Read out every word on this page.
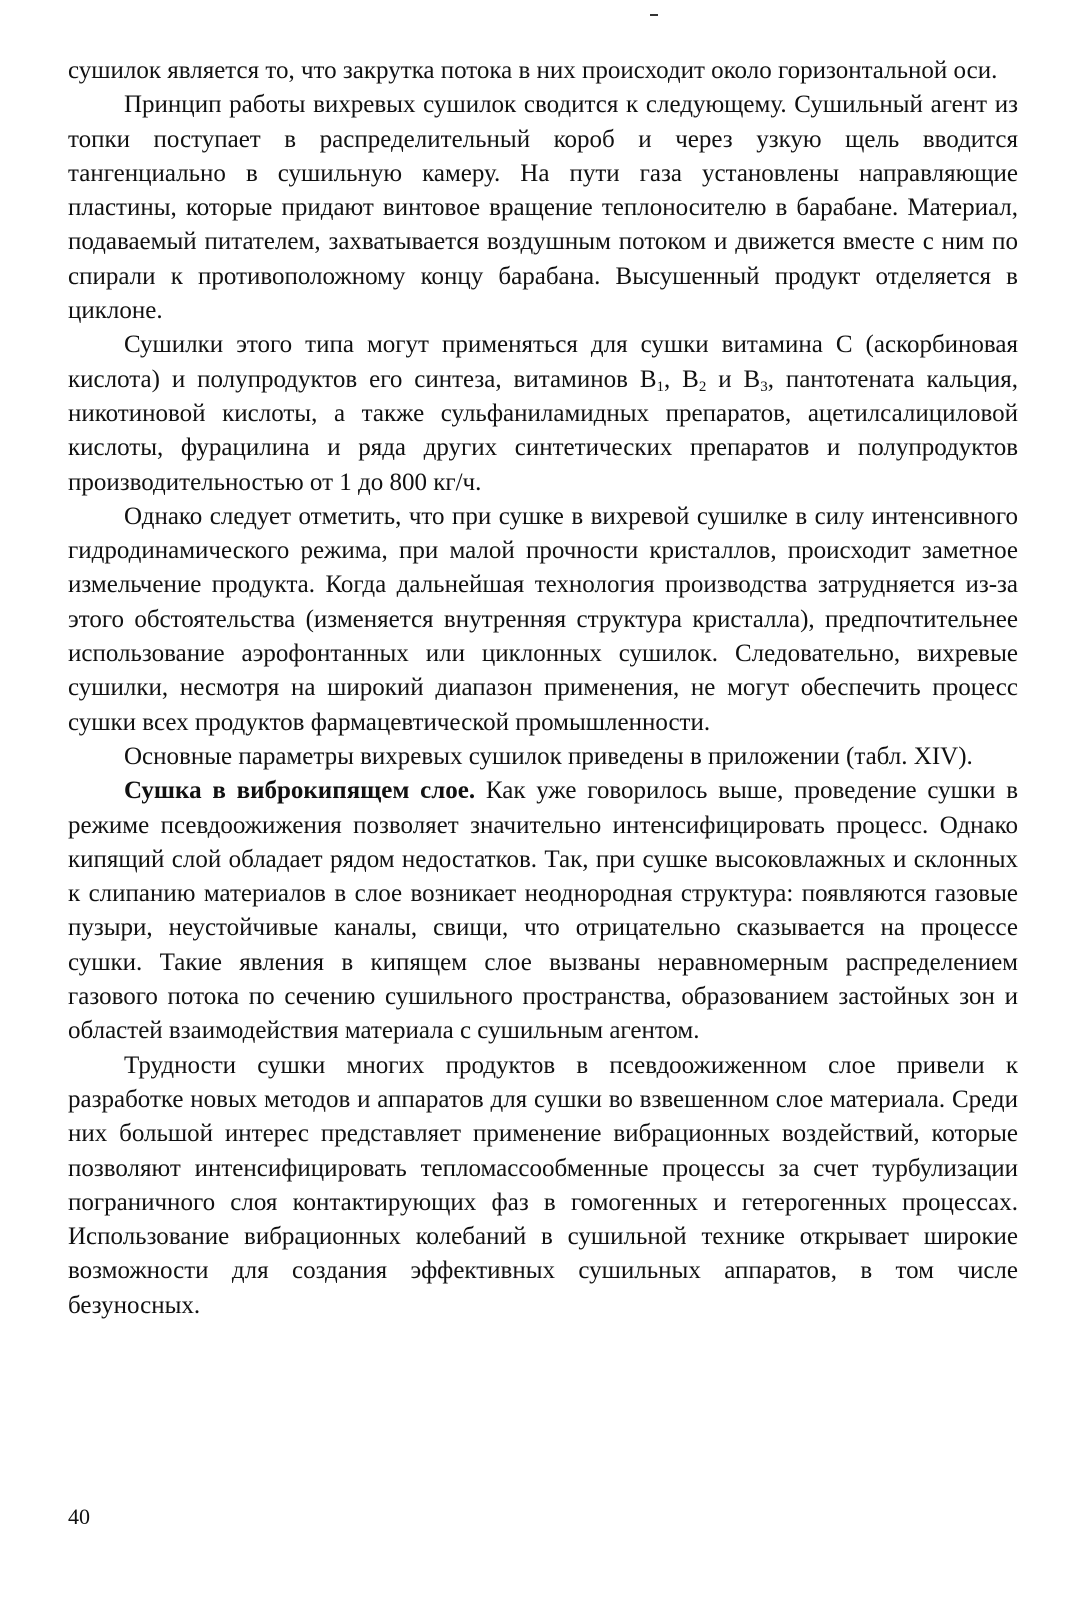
сушилок является то, что закрутка потока в них происходит около горизонтальной оси.

Принцип работы вихревых сушилок сводится к следующему. Сушильный агент из топки поступает в распределительный короб и через узкую щель вводится тангенциально в сушильную камеру. На пути газа установлены направляющие пластины, которые придают винтовое вращение теплоносителю в барабане. Материал, подаваемый питателем, захватывается воздушным потоком и движется вместе с ним по спирали к противоположному концу барабана. Высушенный продукт отделяется в циклоне.

Сушилки этого типа могут применяться для сушки витамина С (аскорбиновая кислота) и полупродуктов его синтеза, витаминов $В_1$, $В_2$ и $В_3$, пантотената кальция, никотиновой кислоты, а также сульфаниламидных препаратов, ацетилсалициловой кислоты, фурацилина и ряда других синтетических препаратов и полупродуктов производительностью от 1 до 800 кг/ч.

Однако следует отметить, что при сушке в вихревой сушилке в силу интенсивного гидродинамического режима, при малой прочности кристаллов, происходит заметное измельчение продукта. Когда дальнейшая технология производства затрудняется из-за этого обстоятельства (изменяется внутренняя структура кристалла), предпочтительнее использование аэрофонтанных или циклонных сушилок. Следовательно, вихревые сушилки, несмотря на широкий диапазон применения, не могут обеспечить процесс сушки всех продуктов фармацевтической промышленности.

Основные параметры вихревых сушилок приведены в приложении (табл. XIV).

Сушка в виброкипящем слое. Как уже говорилось выше, проведение сушки в режиме псевдоожижения позволяет значительно интенсифицировать процесс. Однако кипящий слой обладает рядом недостатков. Так, при сушке высоковлажных и склонных к слипанию материалов в слое возникает неоднородная структура: появляются газовые пузыри, неустойчивые каналы, свищи, что отрицательно сказывается на процессе сушки. Такие явления в кипящем слое вызваны неравномерным распределением газового потока по сечению сушильного пространства, образованием застойных зон и областей взаимодействия материала с сушильным агентом.

Трудности сушки многих продуктов в псевдоожиженном слое привели к разработке новых методов и аппаратов для сушки во взвешенном слое материала. Среди них большой интерес представляет применение вибрационных воздействий, которые позволяют интенсифицировать тепломассообменные процессы за счет турбулизации пограничного слоя контактирующих фаз в гомогенных и гетерогенных процессах. Использование вибрационных колебаний в сушильной технике открывает широкие возможности для создания эффективных сушильных аппаратов, в том числе безуносных.

40
